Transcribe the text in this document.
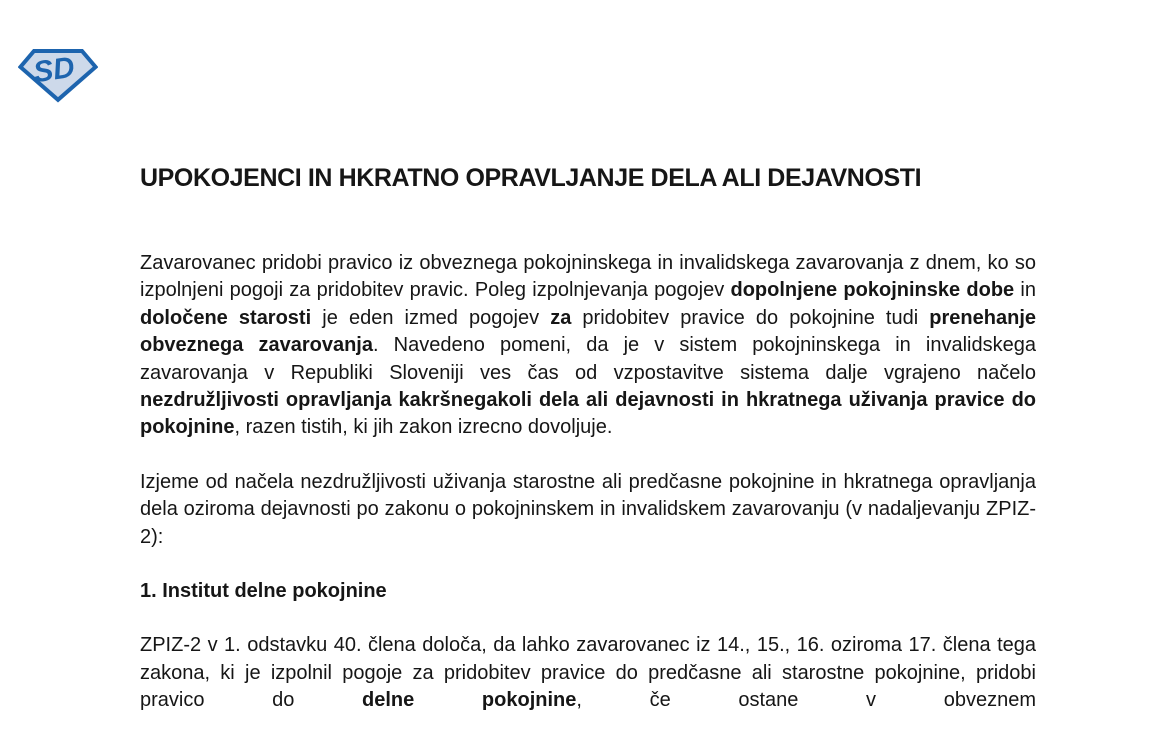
SD
UPOKOJENCI IN HKRATNO OPRAVLJANJE DELA ALI DEJAVNOSTI

Zavarovanec pridobi pravico iz obveznega pokojninskega in invalidskega zavarovanja z dnem, ko so izpolnjeni pogoji za pridobitev pravic. Poleg izpolnjevanja pogojev dopolnjene pokojninske dobe in določene starosti je eden izmed pogojev za pridobitev pravice do pokojnine tudi prenehanje obveznega zavarovanja. Navedeno pomeni, da je v sistem pokojninskega in invalidskega zavarovanja v Republiki Sloveniji ves čas od vzpostavitve sistema dalje vgrajeno načelo nezdružljivosti opravljanja kakršnegakoli dela ali dejavnosti in hkratnega uživanja pravice do pokojnine, razen tistih, ki jih zakon izrecno dovoljuje.

Izjeme od načela nezdružljivosti uživanja starostne ali predčasne pokojnine in hkratnega opravljanja dela oziroma dejavnosti po zakonu o pokojninskem in invalidskem zavarovanju (v nadaljevanju ZPIZ-2):

1. Institut delne pokojnine

ZPIZ-2 v 1. odstavku 40. člena določa, da lahko zavarovanec iz 14., 15., 16. oziroma 17. člena tega zakona, ki je izpolnil pogoje za pridobitev pravice do predčasne ali starostne pokojnine, pridobi pravico do delne pokojnine, če ostane v obveznem
